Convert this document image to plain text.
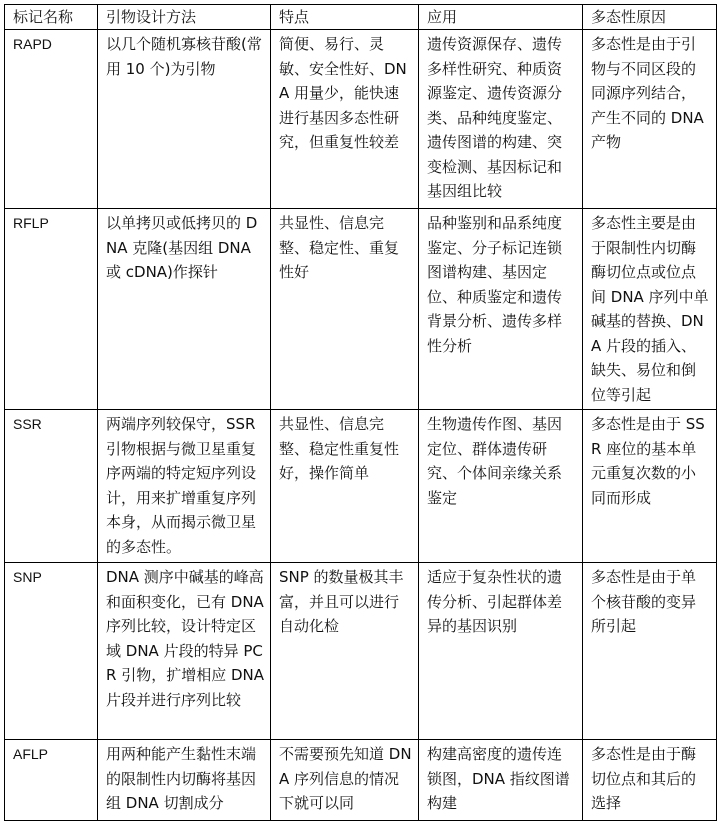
标记名称	引物设计方法	特点	应用	多态性原因
RAPD	以几个随机寡核苷酸(常用 10 个)为引物	简便、易行、灵敏、安全性好、DNA 用量少，能快速进行基因多态性研究，但重复性较差	遗传资源保存、遗传多样性研究、种质资源鉴定、遗传资源分类、品种纯度鉴定、遗传图谱的构建、突变检测、基因标记和基因组比较	多态性是由于引物与不同区段的同源序列结合，产生不同的 DNA 产物
RFLP	以单拷贝或低拷贝的 DNA 克隆(基因组 DNA 或 cDNA)作探针	共显性、信息完整、稳定性、重复性好	品种鉴别和品系纯度鉴定、分子标记连锁图谱构建、基因定位、种质鉴定和遗传背景分析、遗传多样性分析	多态性主要是由于限制性内切酶酶切位点或位点间 DNA 序列中单碱基的替换、DNA 片段的插入、缺失、易位和倒位等引起
SSR	两端序列较保守，SSR 引物根据与微卫星重复序两端的特定短序列设计，用来扩增重复序列本身，从而揭示微卫星的多态性。	共显性、信息完整、稳定性重复性好，操作简单	生物遗传作图、基因定位、群体遗传研究、个体间亲缘关系鉴定	多态性是由于 SSR 座位的基本单元重复次数的小同而形成
SNP	DNA 测序中碱基的峰高和面积变化，已有 DNA 序列比较，设计特定区域 DNA 片段的特异 PCR 引物，扩增相应 DNA 片段并进行序列比较	SNP 的数量极其丰富，并且可以进行自动化检	适应于复杂性状的遗传分析、引起群体差异的基因识别	多态性是由于单个核苷酸的变异所引起
AFLP	用两种能产生黏性末端的限制性内切酶将基因组 DNA 切割成分	不需要预先知道 DNA 序列信息的情况下就可以同	构建高密度的遗传连锁图，DNA 指纹图谱构建	多态性是由于酶切位点和其后的选择
